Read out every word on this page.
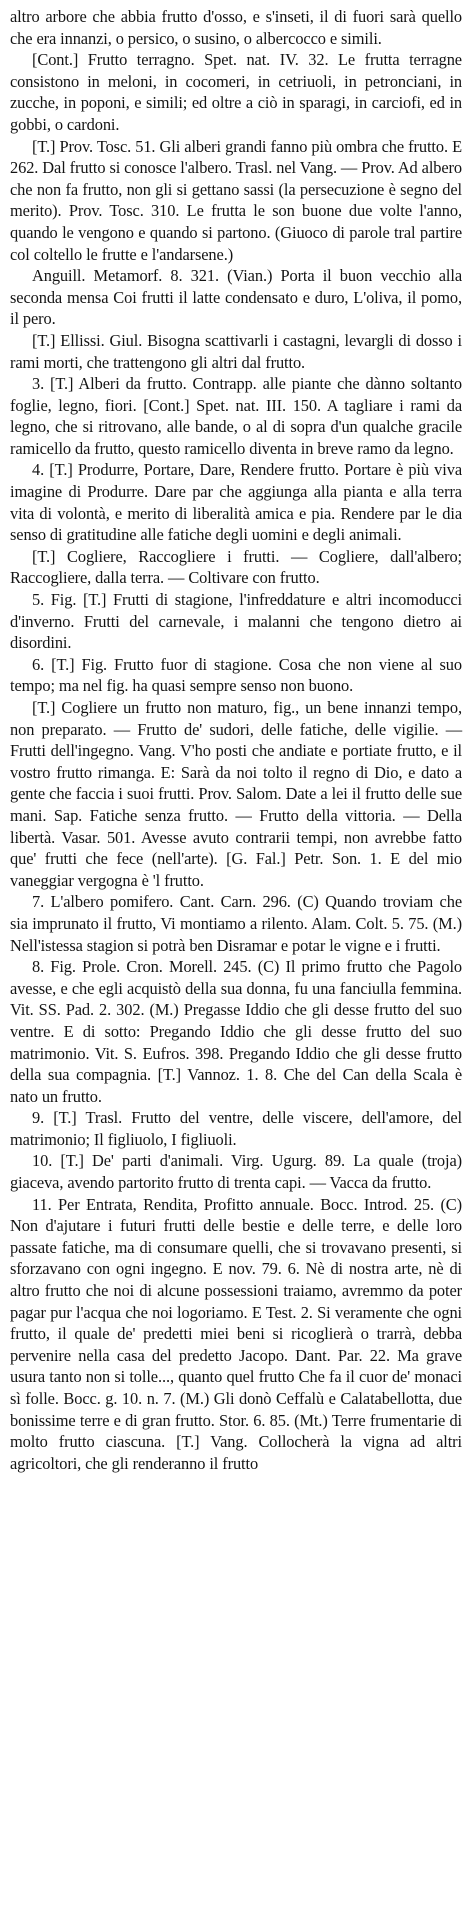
altro arbore che abbia frutto d'osso, e s'inseti, il di fuori sarà quello che era innanzi, o persico, o susino, o albercocco e simili.

[Cont.] Frutto terragno. Spet. nat. IV. 32. Le frutta terragne consistono in meloni, in cocomeri, in cetriuoli, in petronciani, in zucche, in poponi, e simili; ed oltre a ciò in sparagi, in carciofi, ed in gobbi, o cardoni.

[T.] Prov. Tosc. 51. Gli alberi grandi fanno più ombra che frutto. E 262. Dal frutto si conosce l'albero. Trasl. nel Vang. — Prov. Ad albero che non fa frutto, non gli si gettano sassi (la persecuzione è segno del merito). Prov. Tosc. 310. Le frutta le son buone due volte l'anno, quando le vengono e quando si partono. (Giuoco di parole tral partire col coltello le frutte e l'andarsene.)

Anguill. Metamorf. 8. 321. (Vian.) Porta il buon vecchio alla seconda mensa Coi frutti il latte condensato e duro, L'oliva, il pomo, il pero.

[T.] Ellissi. Giul. Bisogna scattivarli i castagni, levargli di dosso i rami morti, che trattengono gli altri dal frutto.

3. [T.] Alberi da frutto. Contrapp. alle piante che dànno soltanto foglie, legno, fiori. [Cont.] Spet. nat. III. 150. A tagliare i rami da legno, che si ritrovano, alle bande, o al di sopra d'un qualche gracile ramicello da frutto, questo ramicello diventa in breve ramo da legno.

4. [T.] Produrre, Portare, Dare, Rendere frutto. Portare è più viva imagine di Produrre. Dare par che aggiunga alla pianta e alla terra vita di volontà, e merito di liberalità amica e pia. Rendere par le dia senso di gratitudine alle fatiche degli uomini e degli animali.

[T.] Cogliere, Raccogliere i frutti. — Cogliere, dall'albero; Raccogliere, dalla terra. — Coltivare con frutto.

5. Fig. [T.] Frutti di stagione, l'infreddature e altri incomoducci d'inverno. Frutti del carnevale, i malanni che tengono dietro ai disordini.

6. [T.] Fig. Frutto fuor di stagione. Cosa che non viene al suo tempo; ma nel fig. ha quasi sempre senso non buono.

[T.] Cogliere un frutto non maturo, fig., un bene innanzi tempo, non preparato. — Frutto de' sudori, delle fatiche, delle vigilie. — Frutti dell'ingegno. Vang. V'ho posti che andiate e portiate frutto, e il vostro frutto rimanga. E: Sarà da noi tolto il regno di Dio, e dato a gente che faccia i suoi frutti. Prov. Salom. Date a lei il frutto delle sue mani. Sap. Fatiche senza frutto. — Frutto della vittoria. — Della libertà. Vasar. 501. Avesse avuto contrarii tempi, non avrebbe fatto que' frutti che fece (nell'arte). [G. Fal.] Petr. Son. 1. E del mio vaneggiar vergogna è 'l frutto.

7. L'albero pomifero. Cant. Carn. 296. (C) Quando troviam che sia imprunato il frutto, Vi montiamo a rilento. Alam. Colt. 5. 75. (M.) Nell'istessa stagion si potrà ben Disramar e potar le vigne e i frutti.

8. Fig. Prole. Cron. Morell. 245. (C) Il primo frutto che Pagolo avesse, e che egli acquistò della sua donna, fu una fanciulla femmina. Vit. SS. Pad. 2. 302. (M.) Pregasse Iddio che gli desse frutto del suo ventre. E di sotto: Pregando Iddio che gli desse frutto del suo matrimonio. Vit. S. Eufros. 398. Pregando Iddio che gli desse frutto della sua compagnia. [T.] Vannoz. 1. 8. Che del Can della Scala è nato un frutto.

9. [T.] Trasl. Frutto del ventre, delle viscere, dell'amore, del matrimonio; Il figliuolo, I figliuoli.

10. [T.] De' parti d'animali. Virg. Ugurg. 89. La quale (troja) giaceva, avendo partorito frutto di trenta capi. — Vacca da frutto.

11. Per Entrata, Rendita, Profitto annuale. Bocc. Introd. 25. (C) Non d'ajutare i futuri frutti delle bestie e delle terre, e delle loro passate fatiche, ma di consumare quelli, che si trovavano presenti, si sforzavano con ogni ingegno. E nov. 79. 6. Nè di nostra arte, nè di altro frutto che noi di alcune possessioni traiamo, avremmo da poter pagar pur l'acqua che noi logoriamo. E Test. 2. Si veramente che ogni frutto, il quale de' predetti miei beni si ricoglierà o trarrà, debba pervenire nella casa del predetto Jacopo. Dant. Par. 22. Ma grave usura tanto non si tolle..., quanto quel frutto Che fa il cuor de' monaci sì folle. Bocc. g. 10. n. 7. (M.) Gli donò Ceffalù e Calatabellotta, due bonissime terre e di gran frutto. Stor. 6. 85. (Mt.) Terre frumentarie di molto frutto ciascuna. [T.] Vang. Collocherà la vigna ad altri agricoltori, che gli renderanno il frutto
